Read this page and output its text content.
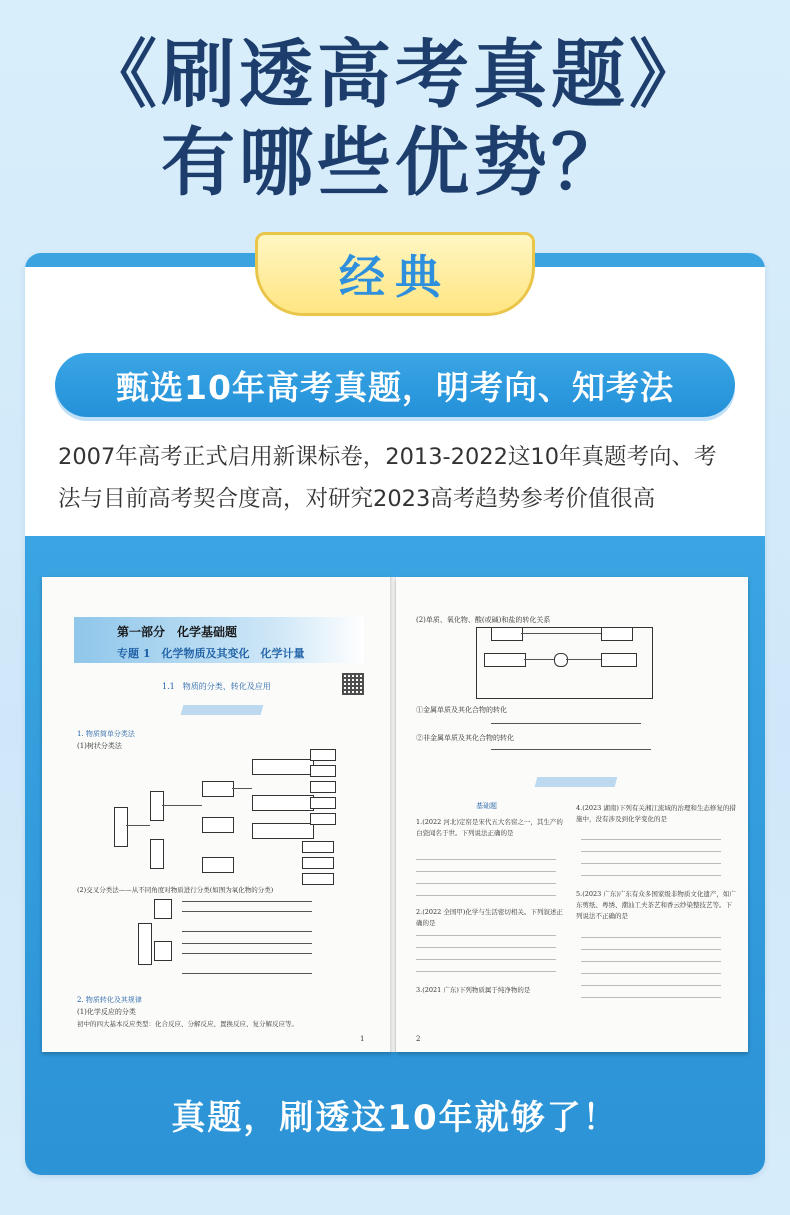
《刷透高考真题》
有哪些优势？
经典
甄选10年高考真题，明考向、知考法

2007年高考正式启用新课标卷，2013-2022这10年真题考向、考法与目前高考契合度高，对研究2023高考趋势参考价值很高

第一部分　化学基础题
专题 1　化学物质及其变化　化学计量
1.1　物质的分类、转化及应用
1. 物质简单分类法
(1)树状分类法
(2)交叉分类法——从不同角度对物质进行分类(如图为氧化物的分类)
2. 物质转化及其规律
(1)化学反应的分类
初中的四大基本反应类型：化合反应、分解反应、置换反应、复分解反应等。
1
(2)单质、氧化物、酸(或碱)和盐的转化关系
①金属单质及其化合物的转化
②非金属单质及其化合物的转化
基础题
1.(2022 河北)定窑是宋代五大名窑之一，其生产的白瓷闻名于世。下列说法正确的是
2.(2022 全国甲)化学与生活密切相关。下列叙述正确的是
3.(2021 广东)下列物质属于纯净物的是
4.(2023 湖南)下列有关湘江流域的治理和生态修复的措施中，没有涉及到化学变化的是
5.(2023 广东)广东有众多国家级非物质文化遗产，如广东剪纸、粤绣、潮汕工夫茶艺和香云纱染整技艺等。下列说法不正确的是
2

真题，刷透这10年就够了！
